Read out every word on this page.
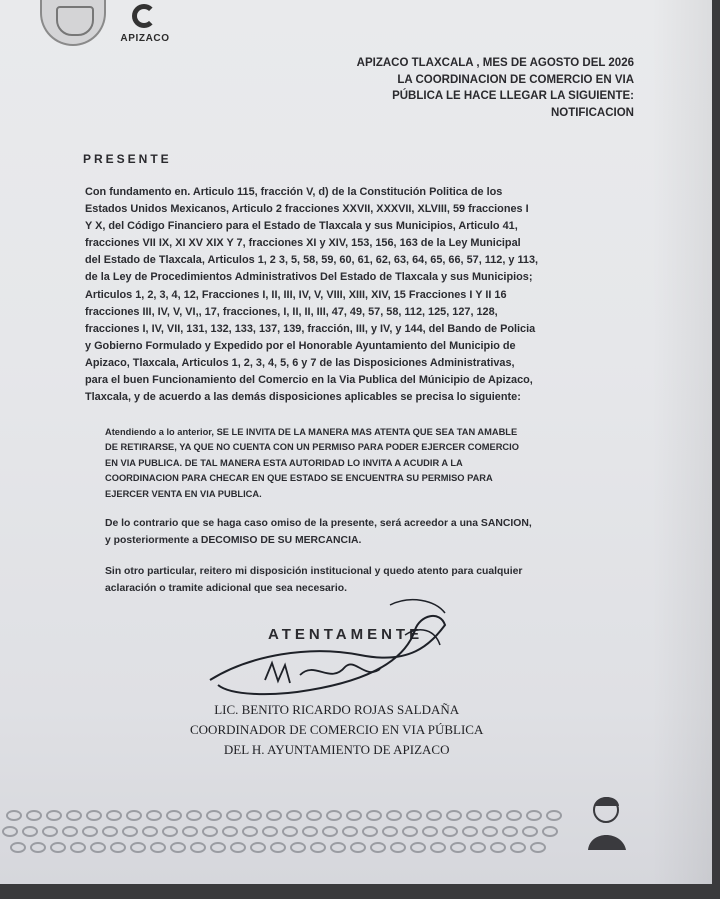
APIZACO
APIZACO TLAXCALA , MES DE AGOSTO DEL 2026
LA COORDINACION DE COMERCIO EN VIA
PÚBLICA LE HACE LLEGAR LA SIGUIENTE:
NOTIFICACION
PRESENTE
Con fundamento en. Articulo 115, fracción V, d) de la Constitución Politica de los
Estados Unidos Mexicanos, Articulo 2 fracciones XXVII, XXXVII, XLVIII, 59 fracciones I
Y X, del Código Financiero para el Estado de Tlaxcala y sus Municipios, Articulo 41,
fracciones VII IX, XI XV XIX Y 7, fracciones XI y XIV, 153, 156, 163 de la Ley Municipal
del Estado de Tlaxcala, Articulos 1, 2 3, 5, 58, 59, 60, 61, 62, 63, 64, 65, 66, 57, 112, y 113,
de la Ley de Procedimientos Administrativos Del Estado de Tlaxcala y sus Municipios;
Articulos 1, 2, 3, 4, 12, Fracciones I, II, III, IV, V, VIII, XIII, XIV, 15 Fracciones I Y II 16
fracciones III, IV, V, VI,, 17, fracciones, I, II, II, III, 47, 49, 57, 58, 112, 125, 127, 128,
fracciones I, IV, VII, 131, 132, 133, 137, 139, fracción, III, y IV, y 144, del Bando de Policia
y Gobierno Formulado y Expedido por el Honorable Ayuntamiento del Municipio de
Apizaco, Tlaxcala, Articulos 1, 2, 3, 4, 5, 6 y 7 de las Disposiciones Administrativas,
para el buen Funcionamiento del Comercio en la Via Publica del Múnicipio de Apizaco,
Tlaxcala, y de acuerdo a las demás disposiciones aplicables se precisa lo siguiente:
Atendiendo a lo anterior, SE LE INVITA DE LA MANERA MAS ATENTA QUE SEA TAN AMABLE
DE RETIRARSE, YA QUE NO CUENTA CON UN PERMISO PARA PODER EJERCER COMERCIO
EN VIA PUBLICA. DE TAL MANERA ESTA AUTORIDAD LO INVITA A ACUDIR A LA
COORDINACION PARA CHECAR EN QUE ESTADO SE ENCUENTRA SU PERMISO PARA
EJERCER VENTA EN VIA PUBLICA.
De lo contrario que se haga caso omiso de la presente, será acreedor a una SANCION,
y posteriormente a DECOMISO DE SU MERCANCIA.
Sin otro particular, reitero mi disposición institucional y quedo atento para cualquier
aclaración o tramite adicional que sea necesario.
ATENTAMENTE
LIC. BENITO RICARDO ROJAS SALDAÑA
COORDINADOR DE COMERCIO EN VIA PÚBLICA
DEL H. AYUNTAMIENTO DE APIZACO
